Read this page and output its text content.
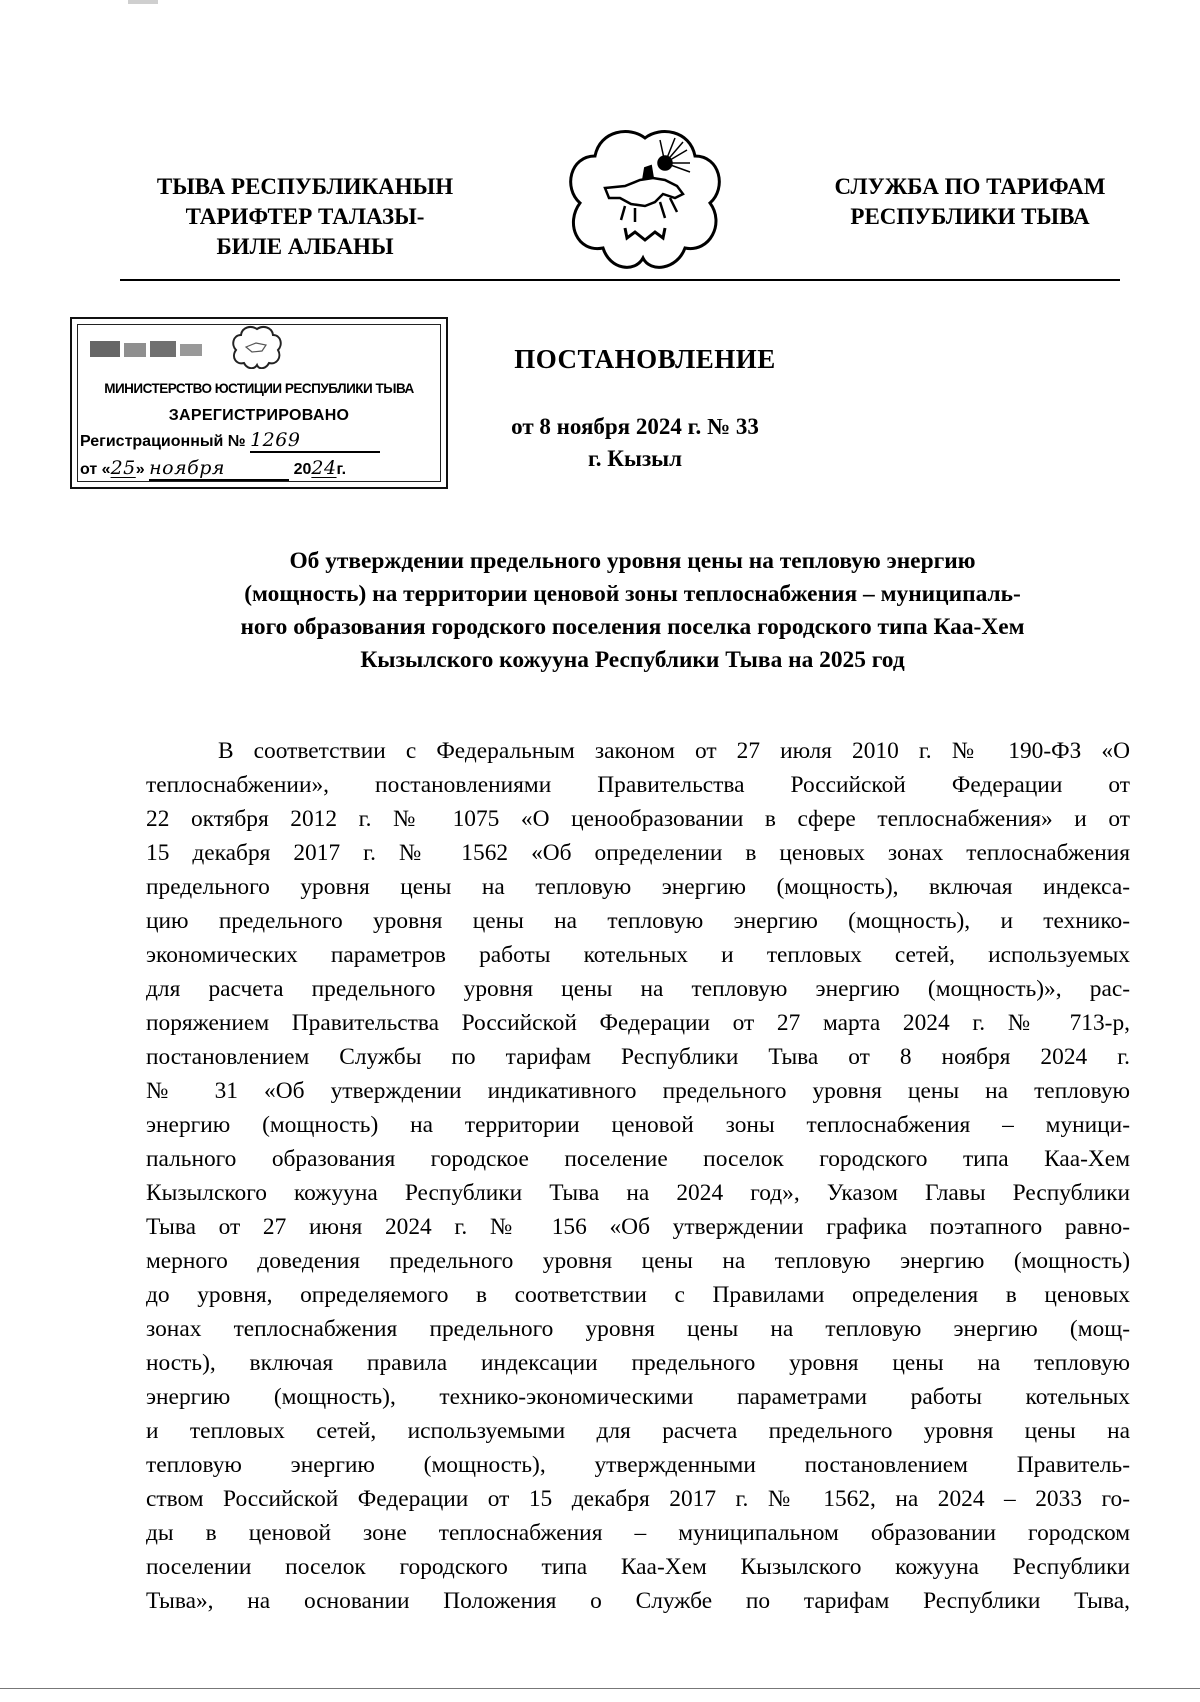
ТЫВА РЕСПУБЛИКАНЫН
ТАРИФТЕР ТАЛАЗЫ-
БИЛЕ АЛБАНЫ
СЛУЖБА ПО ТАРИФАМ
РЕСПУБЛИКИ ТЫВА
МИНИСТЕРСТВО ЮСТИЦИИ РЕСПУБЛИКИ ТЫВА
ЗАРЕГИСТРИРОВАНО
Регистрационный № 1269
от «25» ноября	2024г.
ПОСТАНОВЛЕНИЕ
от 8 ноября 2024 г. № 33
г. Кызыл
Об утверждении предельного уровня цены на тепловую энергию
(мощность) на территории ценовой зоны теплоснабжения – муниципаль-
ного образования городского поселения поселка городского типа Каа-Хем
Кызылского кожууна Республики Тыва на 2025 год
В соответствии с Федеральным законом от 27 июля 2010 г. № 190-ФЗ «О
теплоснабжении», постановлениями Правительства Российской Федерации от
22 октября 2012 г. № 1075 «О ценообразовании в сфере теплоснабжения» и от
15 декабря 2017 г. № 1562 «Об определении в ценовых зонах теплоснабжения
предельного уровня цены на тепловую энергию (мощность), включая индекса-
цию предельного уровня цены на тепловую энергию (мощность), и технико-
экономических параметров работы котельных и тепловых сетей, используемых
для расчета предельного уровня цены на тепловую энергию (мощность)», рас-
поряжением Правительства Российской Федерации от 27 марта 2024 г. № 713-р,
постановлением Службы по тарифам Республики Тыва от 8 ноября 2024 г.
№ 31 «Об утверждении индикативного предельного уровня цены на тепловую
энергию (мощность) на территории ценовой зоны теплоснабжения – муници-
пального образования городское поселение поселок городского типа Каа-Хем
Кызылского кожууна Республики Тыва на 2024 год», Указом Главы Республики
Тыва от 27 июня 2024 г. № 156 «Об утверждении графика поэтапного равно-
мерного доведения предельного уровня цены на тепловую энергию (мощность)
до уровня, определяемого в соответствии с Правилами определения в ценовых
зонах теплоснабжения предельного уровня цены на тепловую энергию (мощ-
ность), включая правила индексации предельного уровня цены на тепловую
энергию (мощность), технико-экономическими параметрами работы котельных
и тепловых сетей, используемыми для расчета предельного уровня цены на
тепловую энергию (мощность), утвержденными постановлением Правитель-
ством Российской Федерации от 15 декабря 2017 г. № 1562, на 2024 – 2033 го-
ды в ценовой зоне теплоснабжения – муниципальном образовании городском
поселении поселок городского типа Каа-Хем Кызылского кожууна Республики
Тыва», на основании Положения о Службе по тарифам Республики Тыва,
